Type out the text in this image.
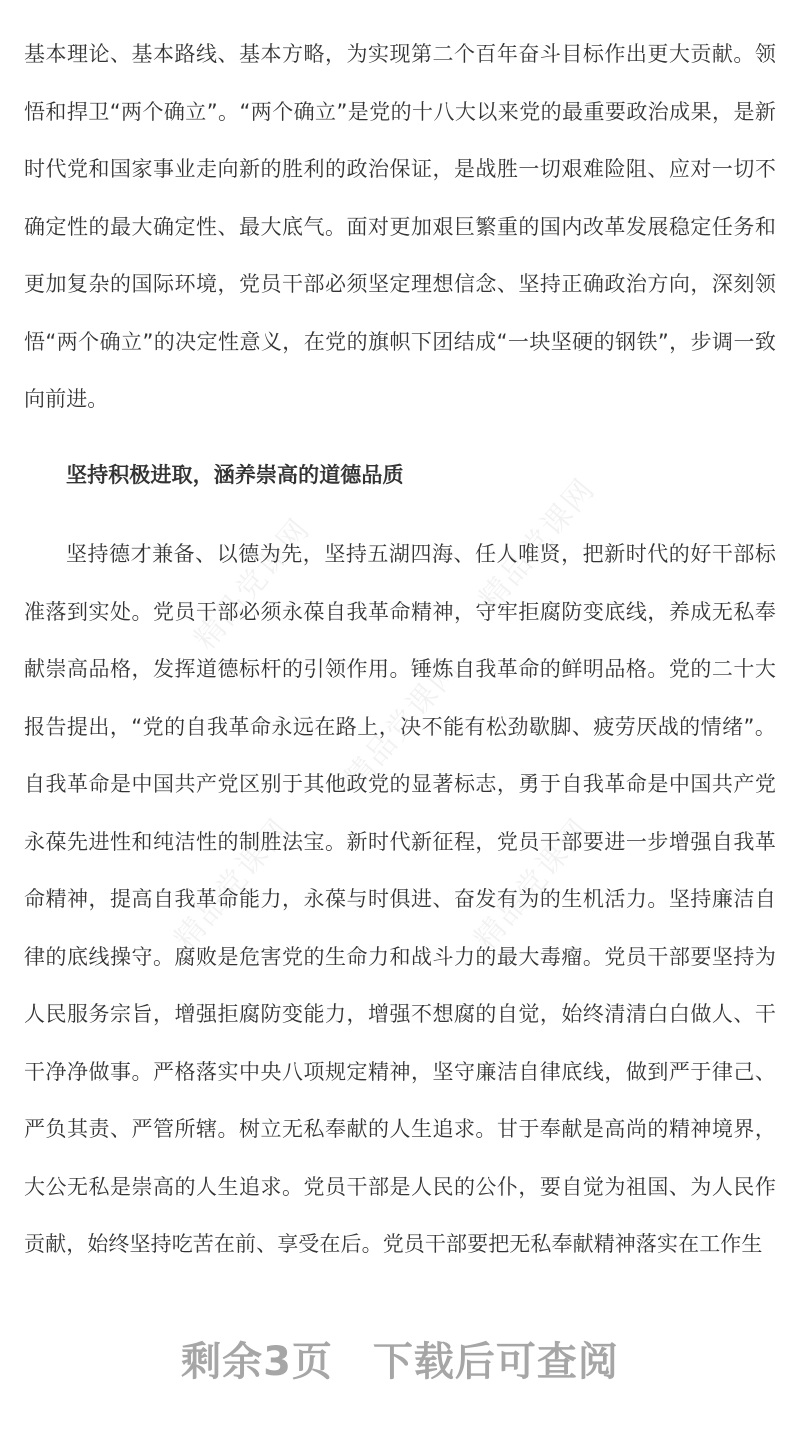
精品党课网	精品党课网
精品党课网
精品党课网	精品党课网

基本理论、基本路线、基本方略，为实现第二个百年奋斗目标作出更大贡献。领悟和捍卫“两个确立”。“两个确立”是党的十八大以来党的最重要政治成果，是新时代党和国家事业走向新的胜利的政治保证，是战胜一切艰难险阻、应对一切不确定性的最大确定性、最大底气。面对更加艰巨繁重的国内改革发展稳定任务和更加复杂的国际环境，党员干部必须坚定理想信念、坚持正确政治方向，深刻领悟“两个确立”的决定性意义，在党的旗帜下团结成“一块坚硬的钢铁”，步调一致向前进。

坚持积极进取，涵养崇高的道德品质

坚持德才兼备、以德为先，坚持五湖四海、任人唯贤，把新时代的好干部标准落到实处。党员干部必须永葆自我革命精神，守牢拒腐防变底线，养成无私奉献崇高品格，发挥道德标杆的引领作用。锤炼自我革命的鲜明品格。党的二十大报告提出，“党的自我革命永远在路上，决不能有松劲歇脚、疲劳厌战的情绪”。自我革命是中国共产党区别于其他政党的显著标志，勇于自我革命是中国共产党永葆先进性和纯洁性的制胜法宝。新时代新征程，党员干部要进一步增强自我革命精神，提高自我革命能力，永葆与时俱进、奋发有为的生机活力。坚持廉洁自律的底线操守。腐败是危害党的生命力和战斗力的最大毒瘤。党员干部要坚持为人民服务宗旨，增强拒腐防变能力，增强不想腐的自觉，始终清清白白做人、干干净净做事。严格落实中央八项规定精神，坚守廉洁自律底线，做到严于律己、严负其责、严管所辖。树立无私奉献的人生追求。甘于奉献是高尚的精神境界，大公无私是崇高的人生追求。党员干部是人民的公仆，要自觉为祖国、为人民作贡献，始终坚持吃苦在前、享受在后。党员干部要把无私奉献精神落实在工作生

剩余3页 下载后可查阅
